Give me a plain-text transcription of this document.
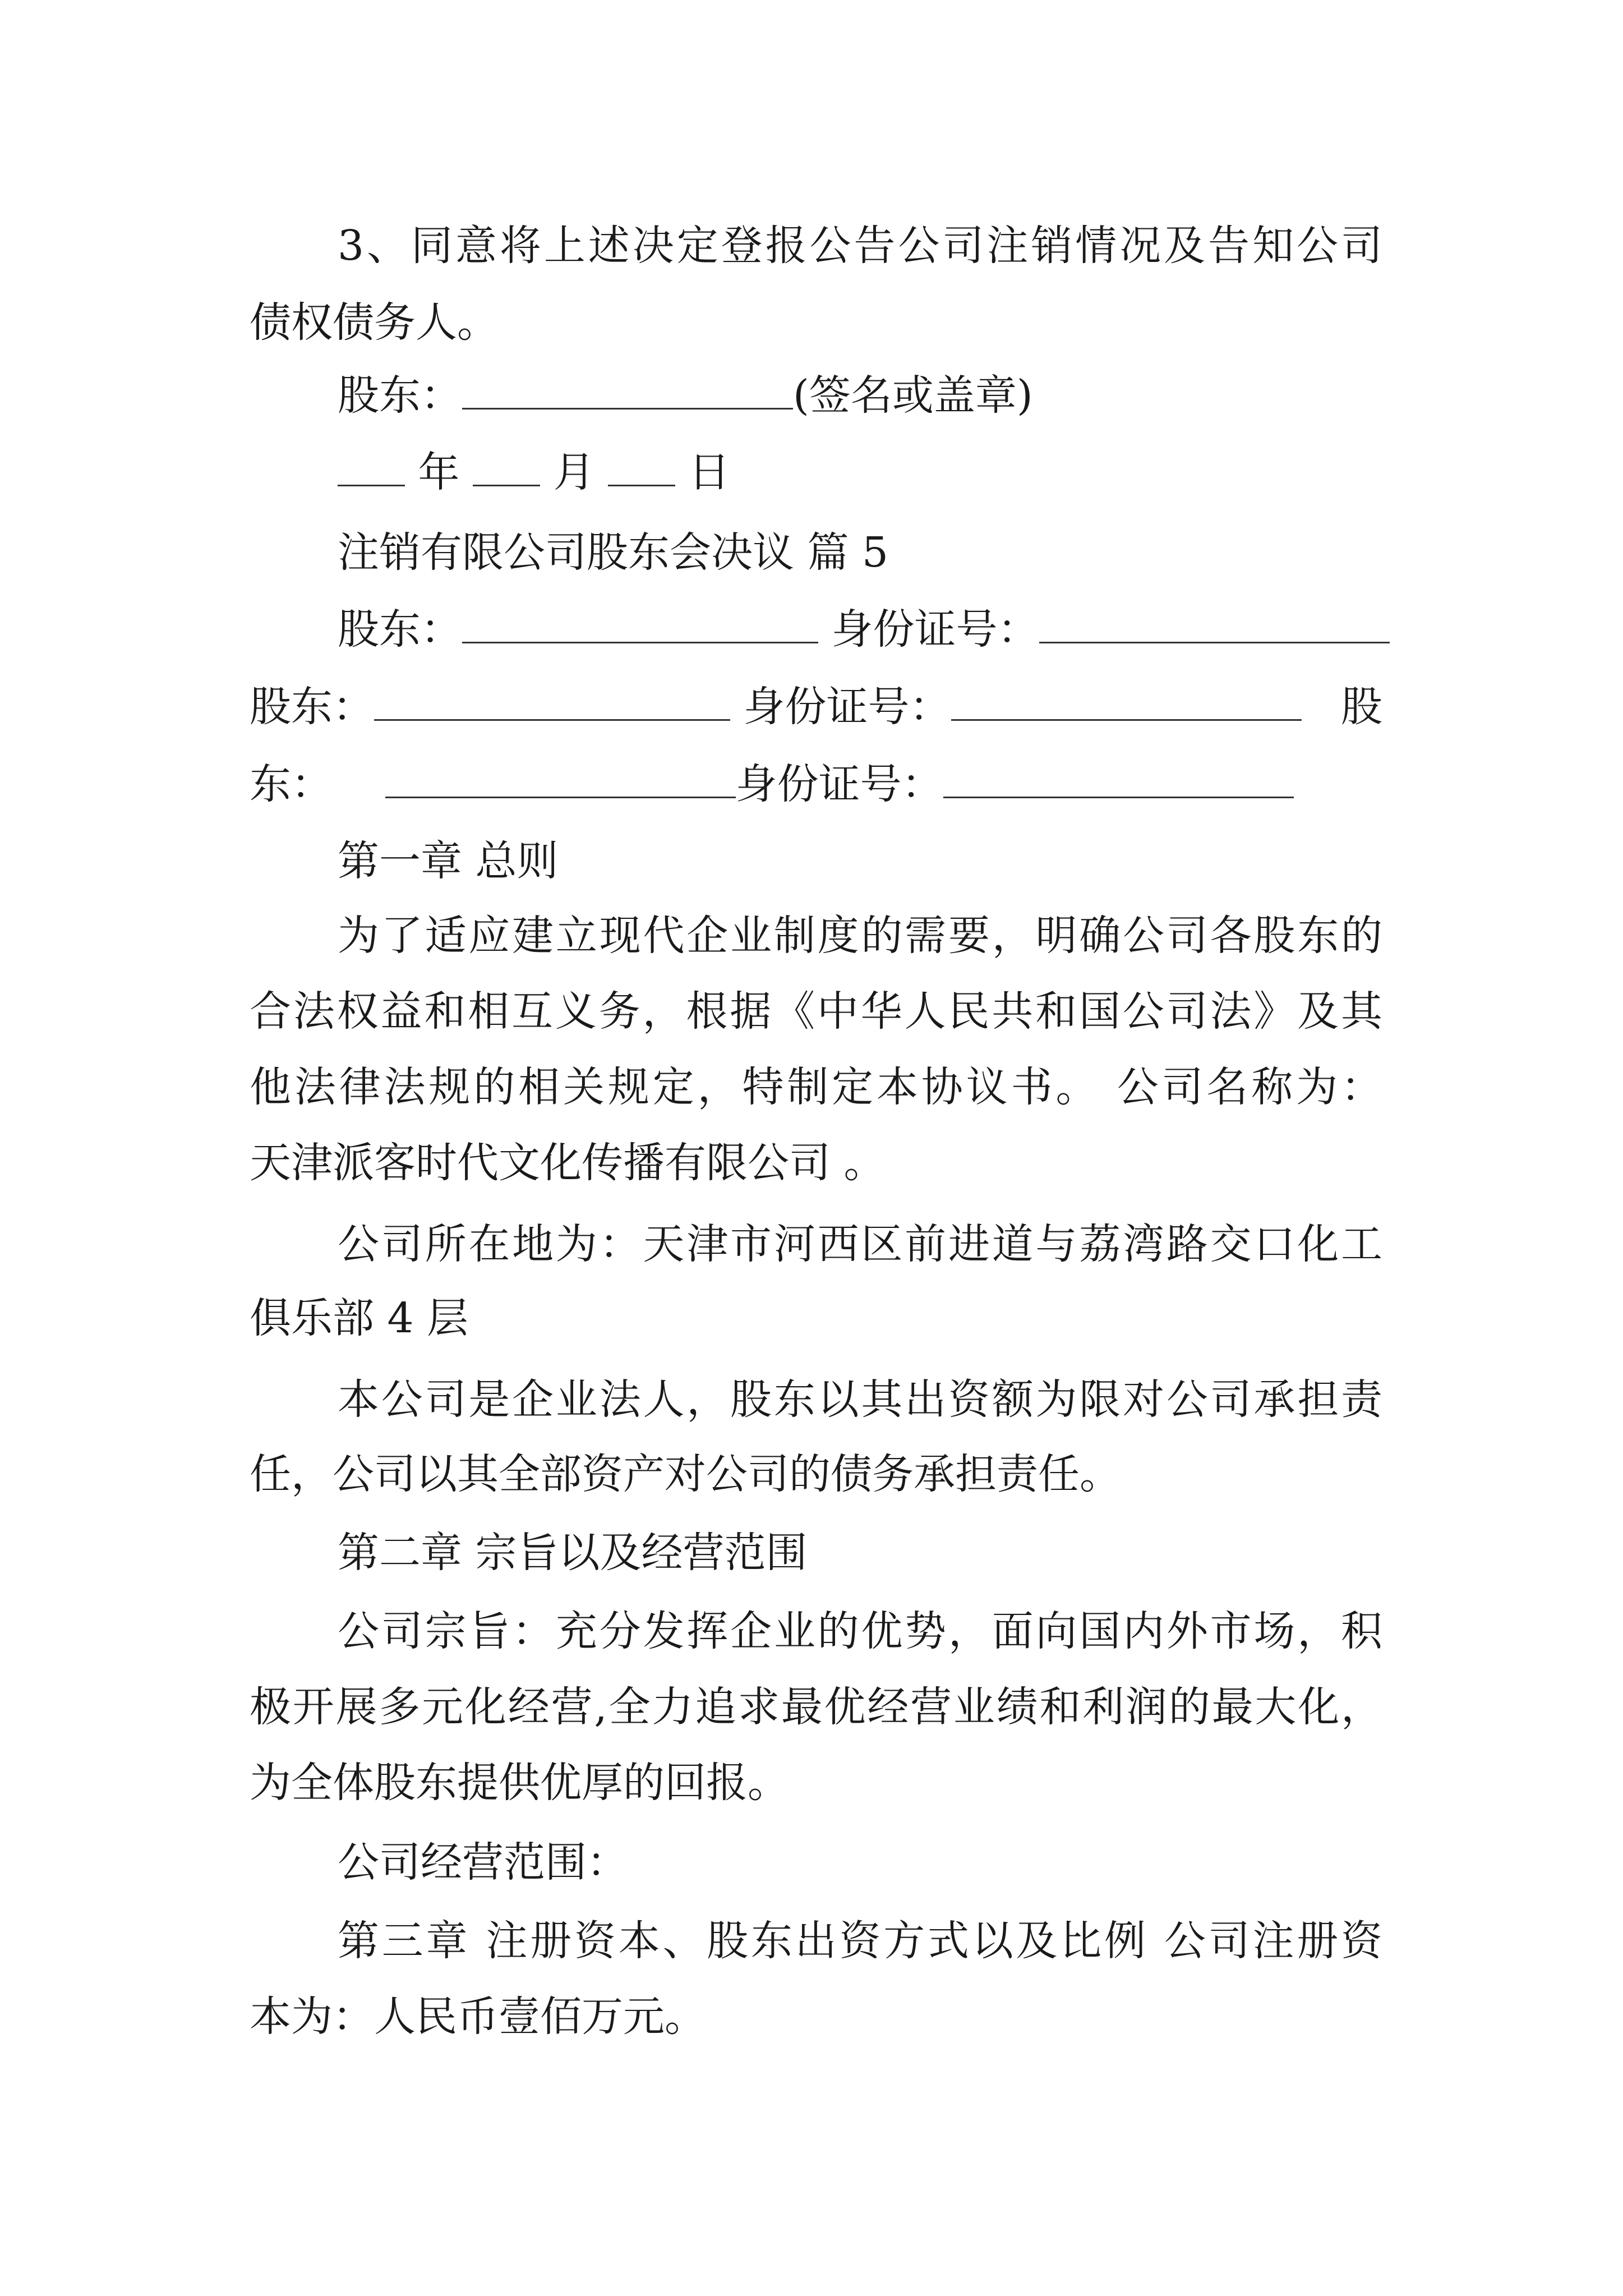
3、同意将上述决定登报公告公司注销情况及告知公司
债权债务人。
股东：	(签名或盖章)
年 月 日
注销有限公司股东会决议 篇 5
股东：	身份证号：
股东：	身份证号：	股
东：	身份证号：
第一章 总则
为了适应建立现代企业制度的需要，明确公司各股东的
合法权益和相互义务，根据《中华人民共和国公司法》及其
他法律法规的相关规定，特制定本协议书。 公司名称为：
天津派客时代文化传播有限公司 。
公司所在地为：天津市河西区前进道与荔湾路交口化工
俱乐部 4 层
本公司是企业法人，股东以其出资额为限对公司承担责
任，公司以其全部资产对公司的债务承担责任。
第二章 宗旨以及经营范围
公司宗旨：充分发挥企业的优势，面向国内外市场，积
极开展多元化经营,全力追求最优经营业绩和利润的最大化，
为全体股东提供优厚的回报。
公司经营范围：
第三章 注册资本、股东出资方式以及比例 公司注册资
本为：人民币壹佰万元。
